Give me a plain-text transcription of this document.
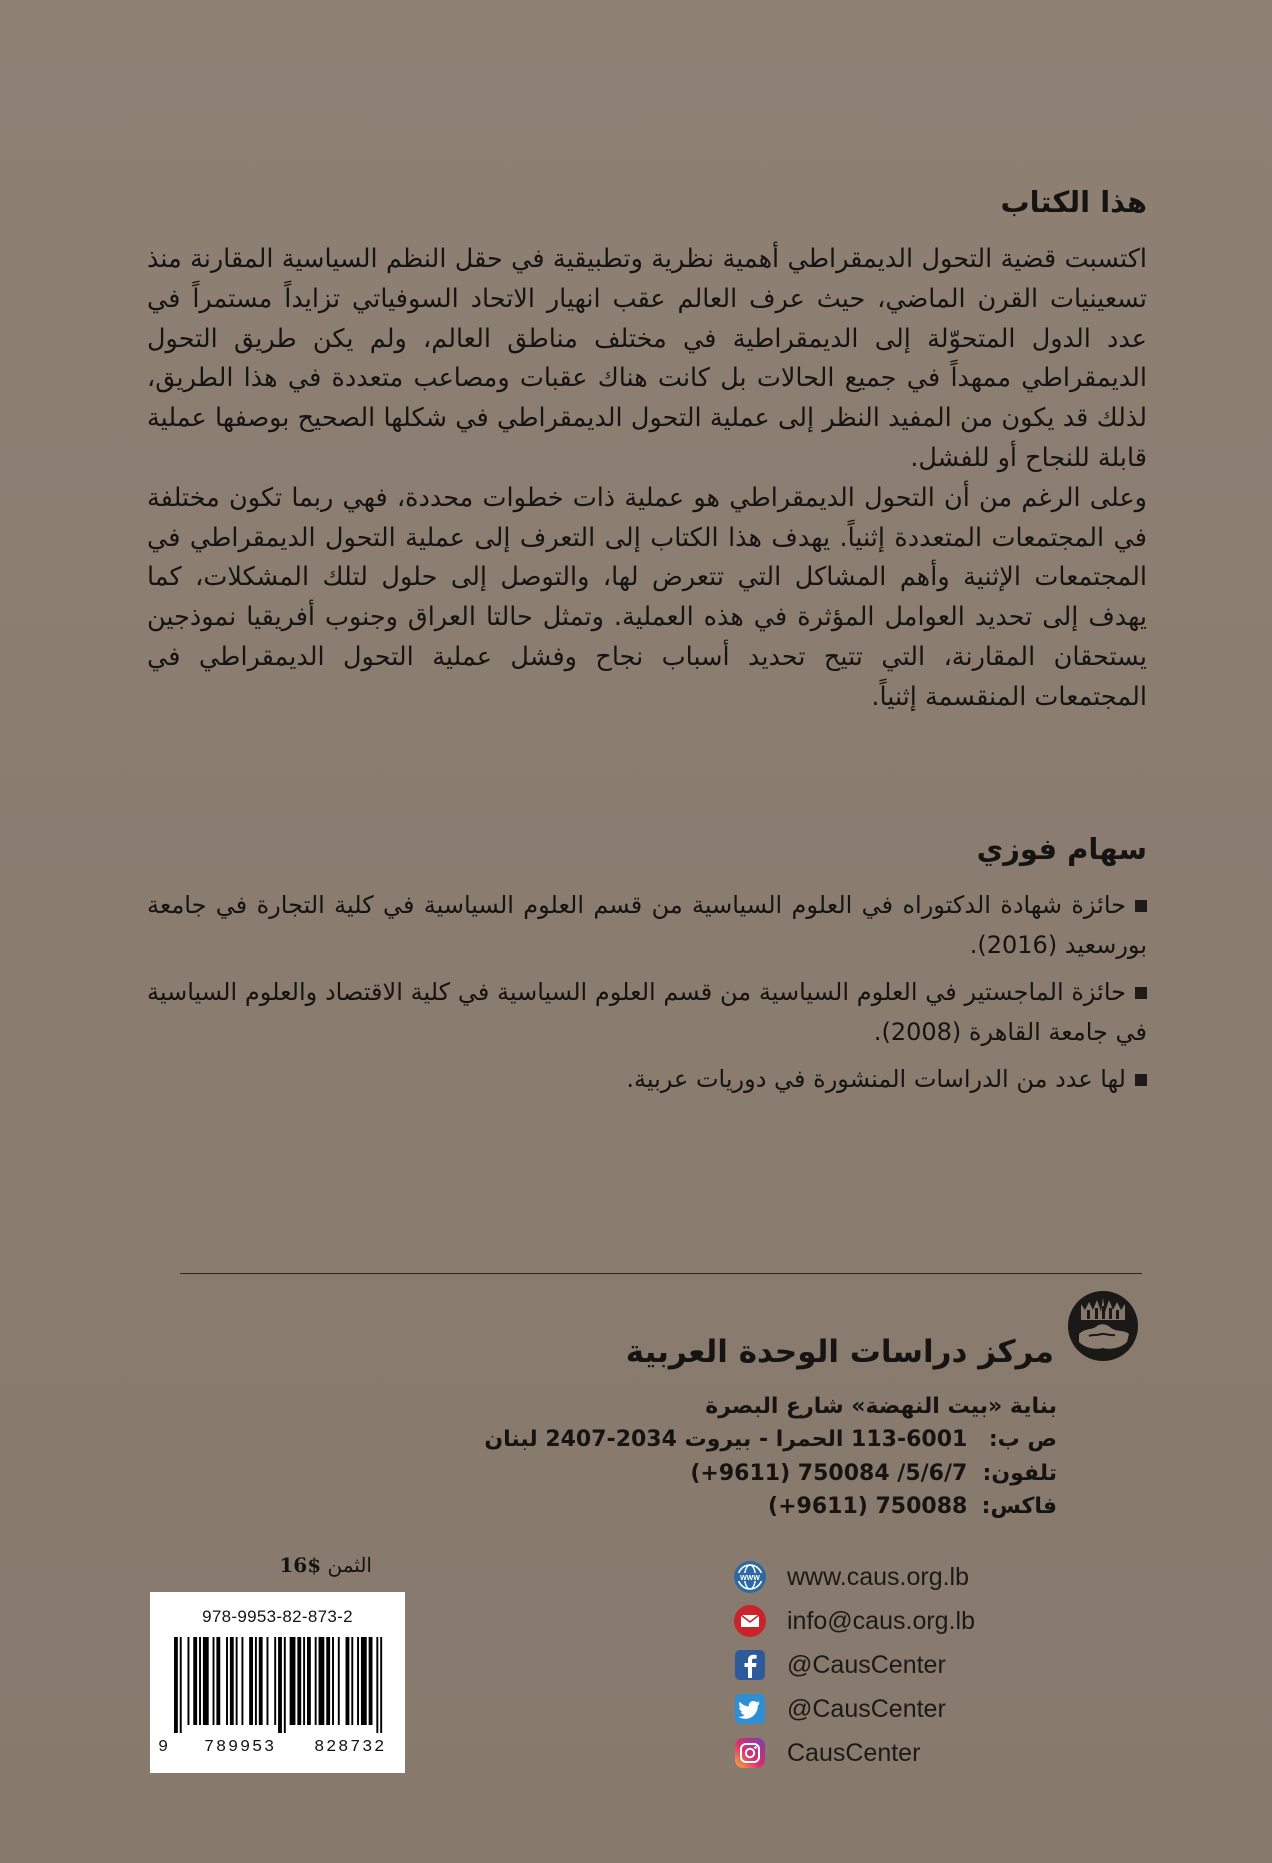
هذا الكتاب

اكتسبت قضية التحول الديمقراطي أهمية نظرية وتطبيقية في حقل النظم السياسية المقارنة منذ تسعينيات القرن الماضي، حيث عرف العالم عقب انهيار الاتحاد السوفياتي تزايداً مستمراً في عدد الدول المتحوّلة إلى الديمقراطية في مختلف مناطق العالم، ولم يكن طريق التحول الديمقراطي ممهداً في جميع الحالات بل كانت هناك عقبات ومصاعب متعددة في هذا الطريق، لذلك قد يكون من المفيد النظر إلى عملية التحول الديمقراطي في شكلها الصحيح بوصفها عملية قابلة للنجاح أو للفشل.

وعلى الرغم من أن التحول الديمقراطي هو عملية ذات خطوات محددة، فهي ربما تكون مختلفة في المجتمعات المتعددة إثنياً. يهدف هذا الكتاب إلى التعرف إلى عملية التحول الديمقراطي في المجتمعات الإثنية وأهم المشاكل التي تتعرض لها، والتوصل إلى حلول لتلك المشكلات، كما يهدف إلى تحديد العوامل المؤثرة في هذه العملية. وتمثل حالتا العراق وجنوب أفريقيا نموذجين يستحقان المقارنة، التي تتيح تحديد أسباب نجاح وفشل عملية التحول الديمقراطي في المجتمعات المنقسمة إثنياً.

سهام فوزي
حائزة شهادة الدكتوراه في العلوم السياسية من قسم العلوم السياسية في كلية التجارة في جامعة بورسعيد (2016).
حائزة الماجستير في العلوم السياسية من قسم العلوم السياسية في كلية الاقتصاد والعلوم السياسية في جامعة القاهرة (2008).
لها عدد من الدراسات المنشورة في دوريات عربية.
مركز دراسات الوحدة العربية
بناية «بيت النهضة» شارع البصرة
ص ب: 113-6001 الحمرا - بيروت 2034-2407 لبنان
تلفون: (+9611) 750084 /5/6/7
فاكس: (+9611) 750088
الثمن $16
978-9953-82-873-2
9 789953 828732
WWW www.caus.org.lb
info@caus.org.lb
@CausCenter
@CausCenter
CausCenter
